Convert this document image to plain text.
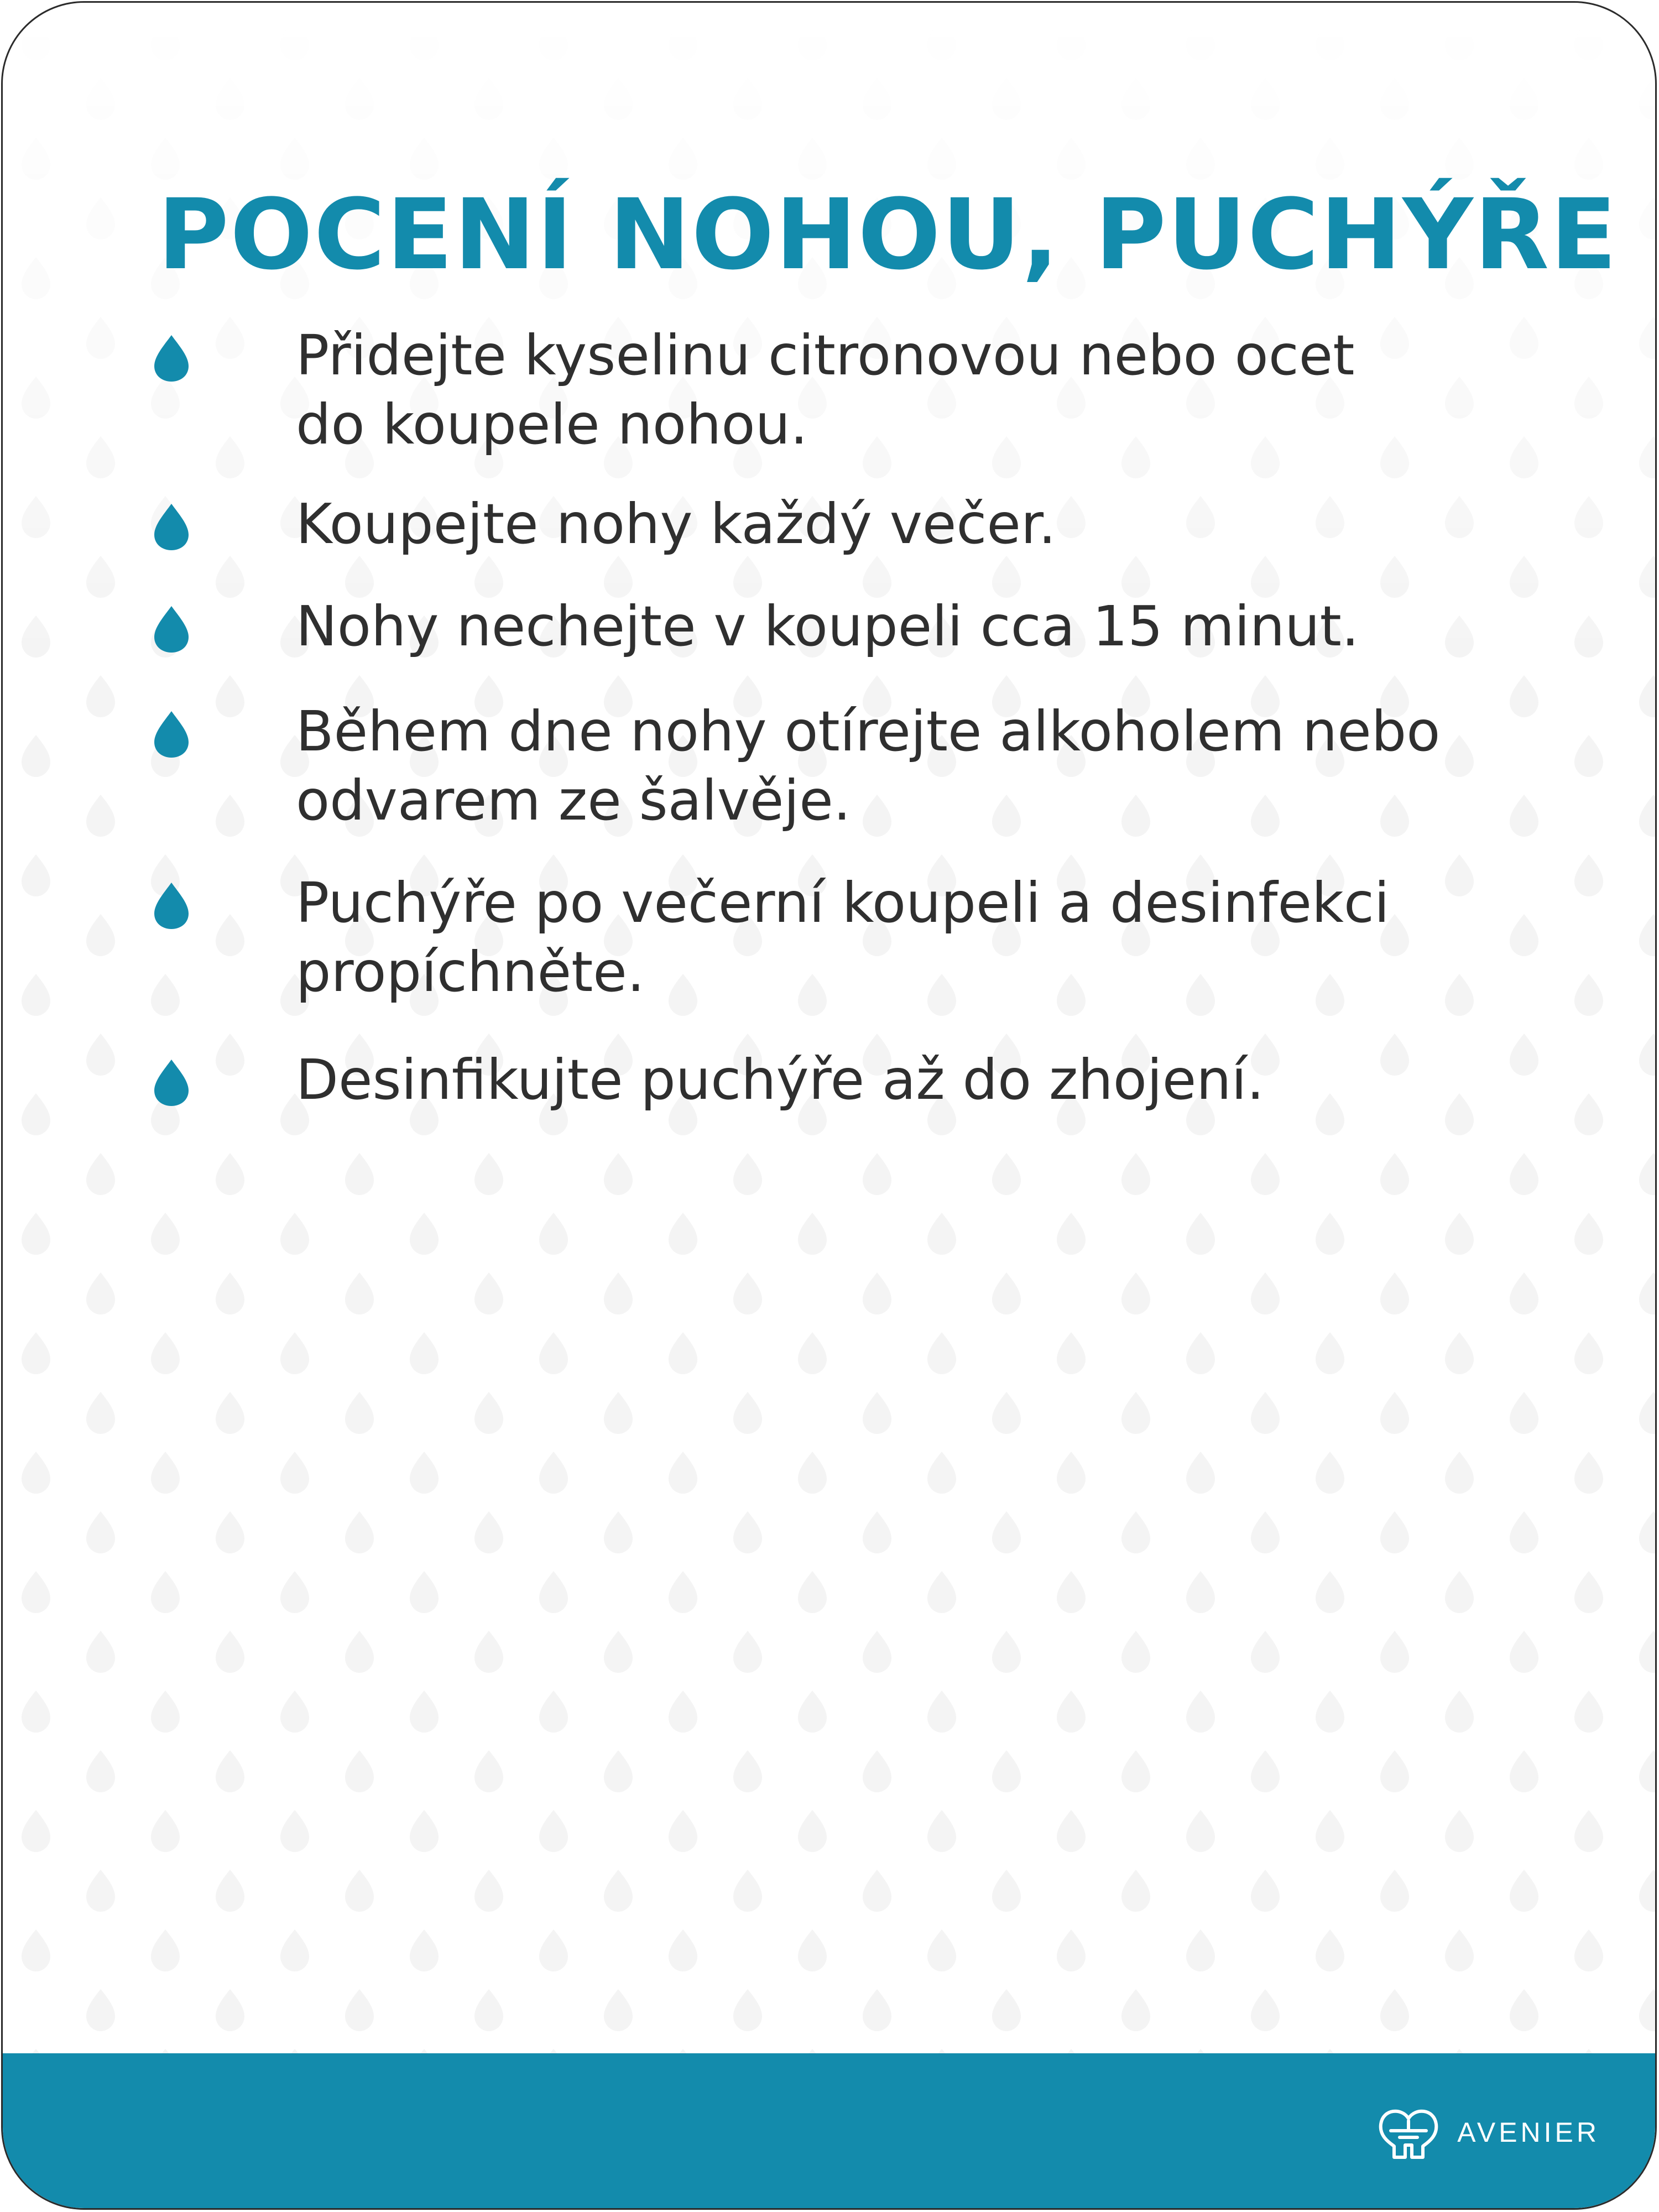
POCENÍ NOHOU, PUCHÝŘE
Přidejte kyselinu citronovou nebo ocet
do koupele nohou.
Koupejte nohy každý večer.
Nohy nechejte v koupeli cca 15 minut.
Během dne nohy otírejte alkoholem nebo
odvarem ze šalvěje.
Puchýře po večerní koupeli a desinfekci
propíchněte.
Desinfikujte puchýře až do zhojení.
AVENIER
